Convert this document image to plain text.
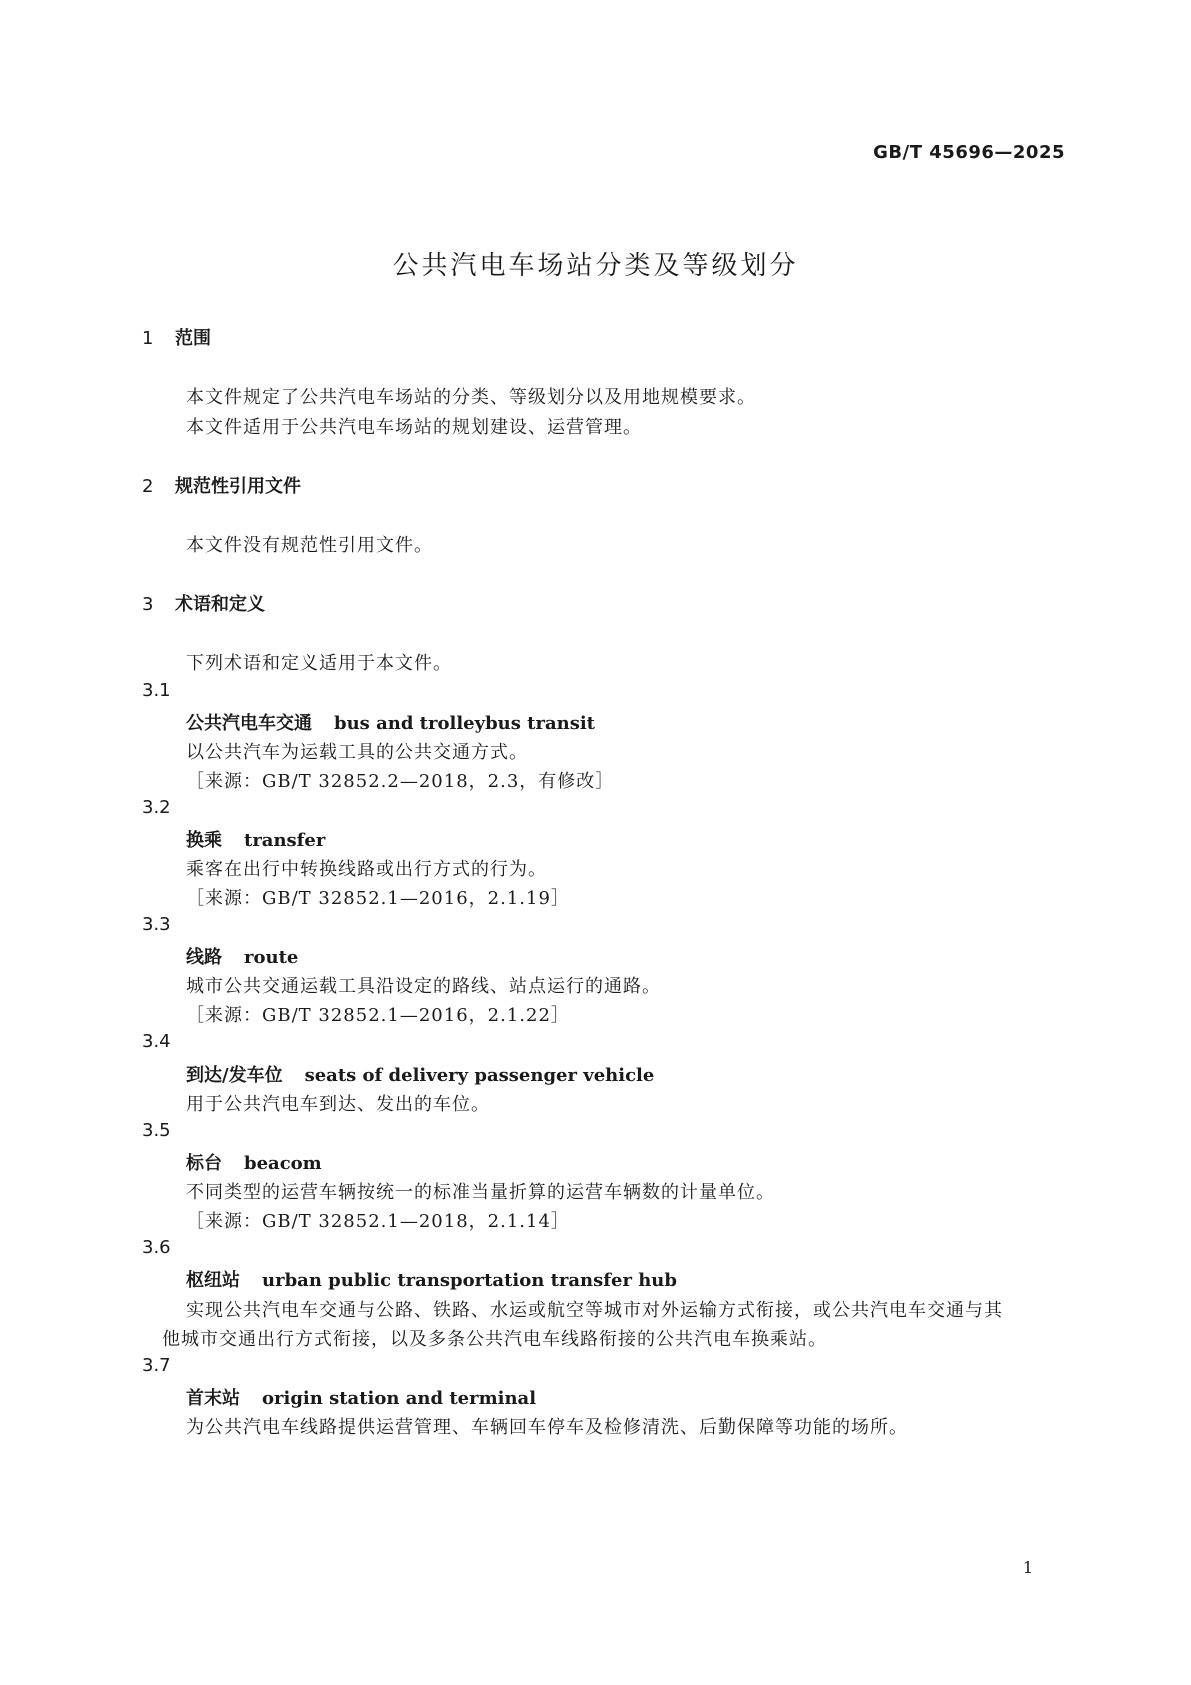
GB/T 45696—2025
公共汽电车场站分类及等级划分
1 范围
本文件规定了公共汽电车场站的分类、等级划分以及用地规模要求。
本文件适用于公共汽电车场站的规划建设、运营管理。
2 规范性引用文件
本文件没有规范性引用文件。
3 术语和定义
下列术语和定义适用于本文件。
3.1
公共汽电车交通 bus and trolleybus transit
以公共汽车为运载工具的公共交通方式。
［来源：GB/T 32852.2—2018，2.3，有修改］
3.2
换乘 transfer
乘客在出行中转换线路或出行方式的行为。
［来源：GB/T 32852.1—2016，2.1.19］
3.3
线路 route
城市公共交通运载工具沿设定的路线、站点运行的通路。
［来源：GB/T 32852.1—2016，2.1.22］
3.4
到达/发车位 seats of delivery passenger vehicle
用于公共汽电车到达、发出的车位。
3.5
标台 beacom
不同类型的运营车辆按统一的标准当量折算的运营车辆数的计量单位。
［来源：GB/T 32852.1—2018，2.1.14］
3.6
枢纽站 urban public transportation transfer hub
实现公共汽电车交通与公路、铁路、水运或航空等城市对外运输方式衔接，或公共汽电车交通与其
他城市交通出行方式衔接，以及多条公共汽电车线路衔接的公共汽电车换乘站。
3.7
首末站 origin station and terminal
为公共汽电车线路提供运营管理、车辆回车停车及检修清洗、后勤保障等功能的场所。
1
